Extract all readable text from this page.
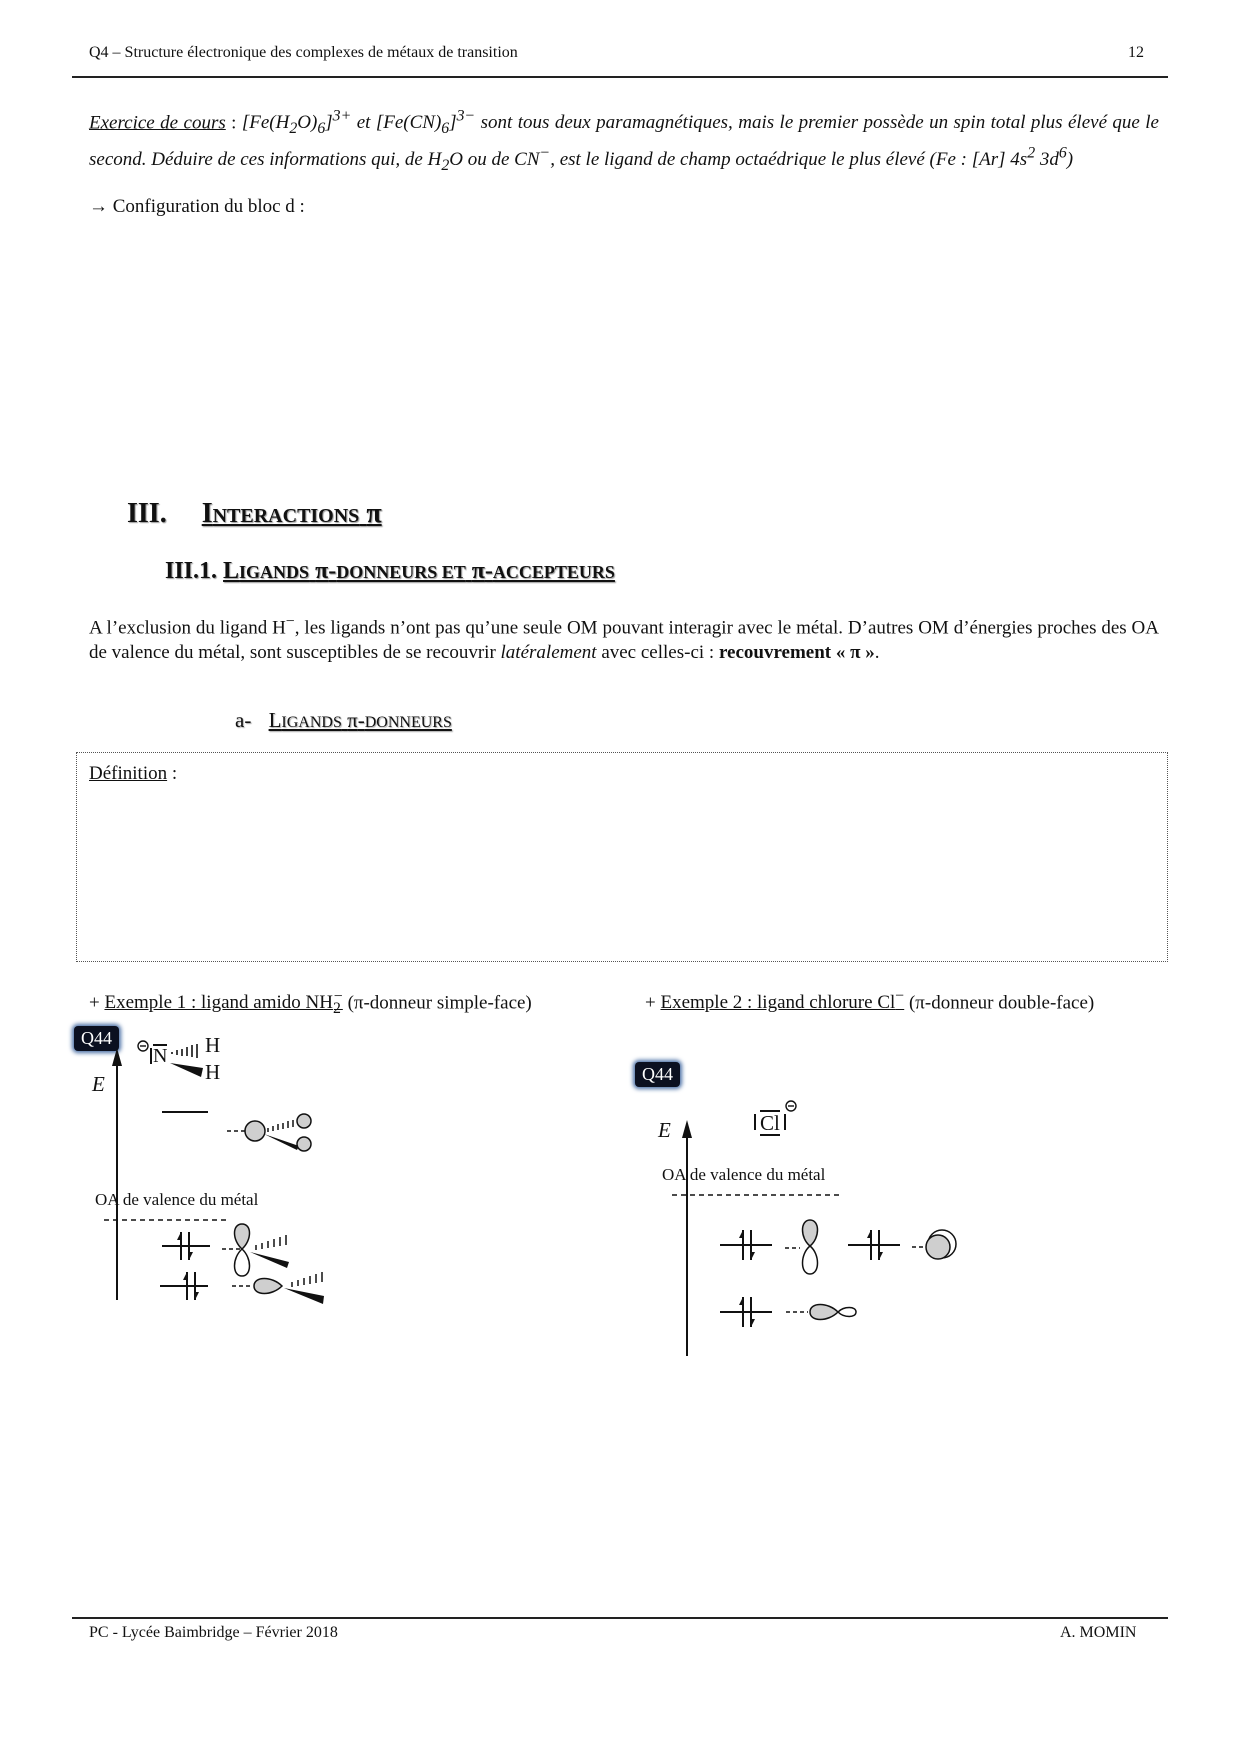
Q4 – Structure électronique des complexes de métaux de transition	12
Exercice de cours : $[Fe(H_2O)_6]^{3+}$ et $[Fe(CN)_6]^{3-}$ sont tous deux paramagnétiques, mais le premier possède un spin total plus élevé que le second. Déduire de ces informations qui, de $H_2O$ ou de CN−, est le ligand de champ octaédrique le plus élevé (Fe : [Ar] $4s^2$ $3d^6$)
→ Configuration du bloc d :
III. INTERACTIONS π
III.1. LIGANDS π-DONNEURS ET π-ACCEPTEURS
A l’exclusion du ligand H−, les ligands n’ont pas qu’une seule OM pouvant interagir avec le métal. D’autres OM d’énergies proches des OA de valence du métal, sont susceptibles de se recouvrir latéralement avec celles-ci : recouvrement « π ».
a- LIGANDS π-DONNEURS
Définition :
+ Exemple 1 : ligand amido $NH_2^-$ (π-donneur simple-face)	+ Exemple 2 : ligand chlorure Cl− (π-donneur double-face)
Q44
E
OA de valence du métal
N H
H	Q44
E
OA de valence du métal
Cl
PC - Lycée Baimbridge – Février 2018	A. MOMIN
